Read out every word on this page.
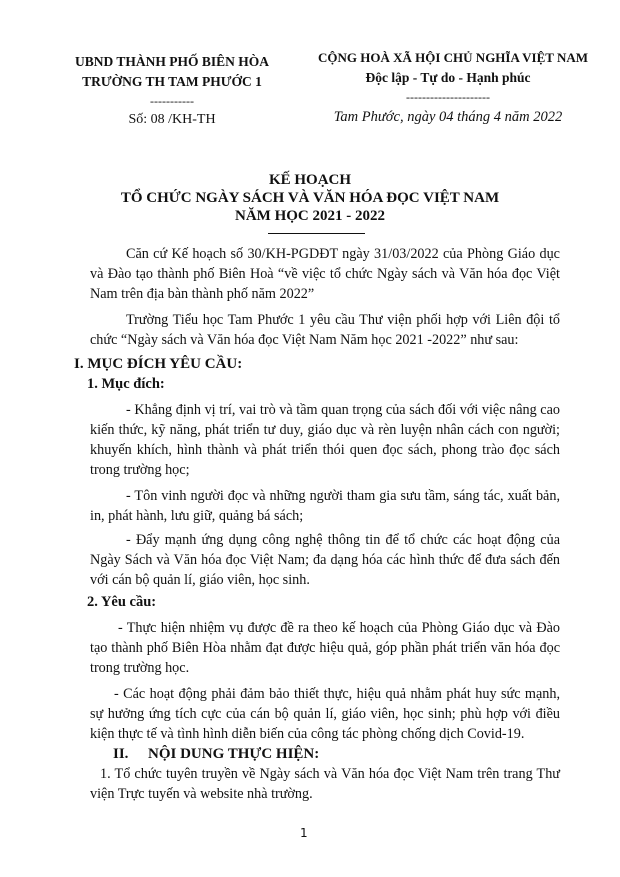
UBND THÀNH PHỐ BIÊN HÒA
TRƯỜNG TH TAM PHƯỚC 1
-----------
Số: 08 /KH-TH
CỘNG HOÀ XÃ HỘI CHỦ NGHĨA VIỆT NAM
Độc lập - Tự do - Hạnh phúc
---------------------
Tam Phước, ngày 04 tháng 4 năm 2022
KẾ HOẠCH
TỔ CHỨC NGÀY SÁCH VÀ VĂN HÓA ĐỌC VIỆT NAM
NĂM HỌC 2021 - 2022
Căn cứ Kế hoạch số 30/KH-PGDĐT ngày 31/03/2022 của Phòng Giáo dục và Đào tạo thành phố Biên Hoà “về việc tổ chức Ngày sách và Văn hóa đọc Việt Nam trên địa bàn thành phố năm 2022”
Trường Tiểu học Tam Phước 1 yêu cầu Thư viện phối hợp với Liên đội tổ chức “Ngày sách và Văn hóa đọc Việt Nam Năm học 2021 -2022” như sau:
I. MỤC ĐÍCH YÊU CẦU:
1. Mục đích:
- Khẳng định vị trí, vai trò và tầm quan trọng của sách đối với việc nâng cao kiến thức, kỹ năng, phát triển tư duy, giáo dục và rèn luyện nhân cách con người; khuyến khích, hình thành và phát triển thói quen đọc sách, phong trào đọc sách trong trường học;
- Tôn vinh người đọc và những người tham gia sưu tầm, sáng tác, xuất bản, in, phát hành, lưu giữ, quảng bá sách;
- Đẩy mạnh ứng dụng công nghệ thông tin để tổ chức các hoạt động của Ngày Sách và Văn hóa đọc Việt Nam; đa dạng hóa các hình thức để đưa sách đến với cán bộ quản lí, giáo viên, học sinh.
2. Yêu cầu:
- Thực hiện nhiệm vụ được đề ra theo kế hoạch của Phòng Giáo dục và Đào tạo thành phố Biên Hòa nhằm đạt được hiệu quả, góp phần phát triển văn hóa đọc trong trường học.
- Các hoạt động phải đảm bảo thiết thực, hiệu quả nhằm phát huy sức mạnh, sự hưởng ứng tích cực của cán bộ quản lí, giáo viên, học sinh; phù hợp với điều kiện thực tế và tình hình diễn biến của công tác phòng chống dịch Covid-19.
II. NỘI DUNG THỰC HIỆN:
1. Tổ chức tuyên truyền về Ngày sách và Văn hóa đọc Việt Nam trên trang Thư viện Trực tuyến và website nhà trường.
1
